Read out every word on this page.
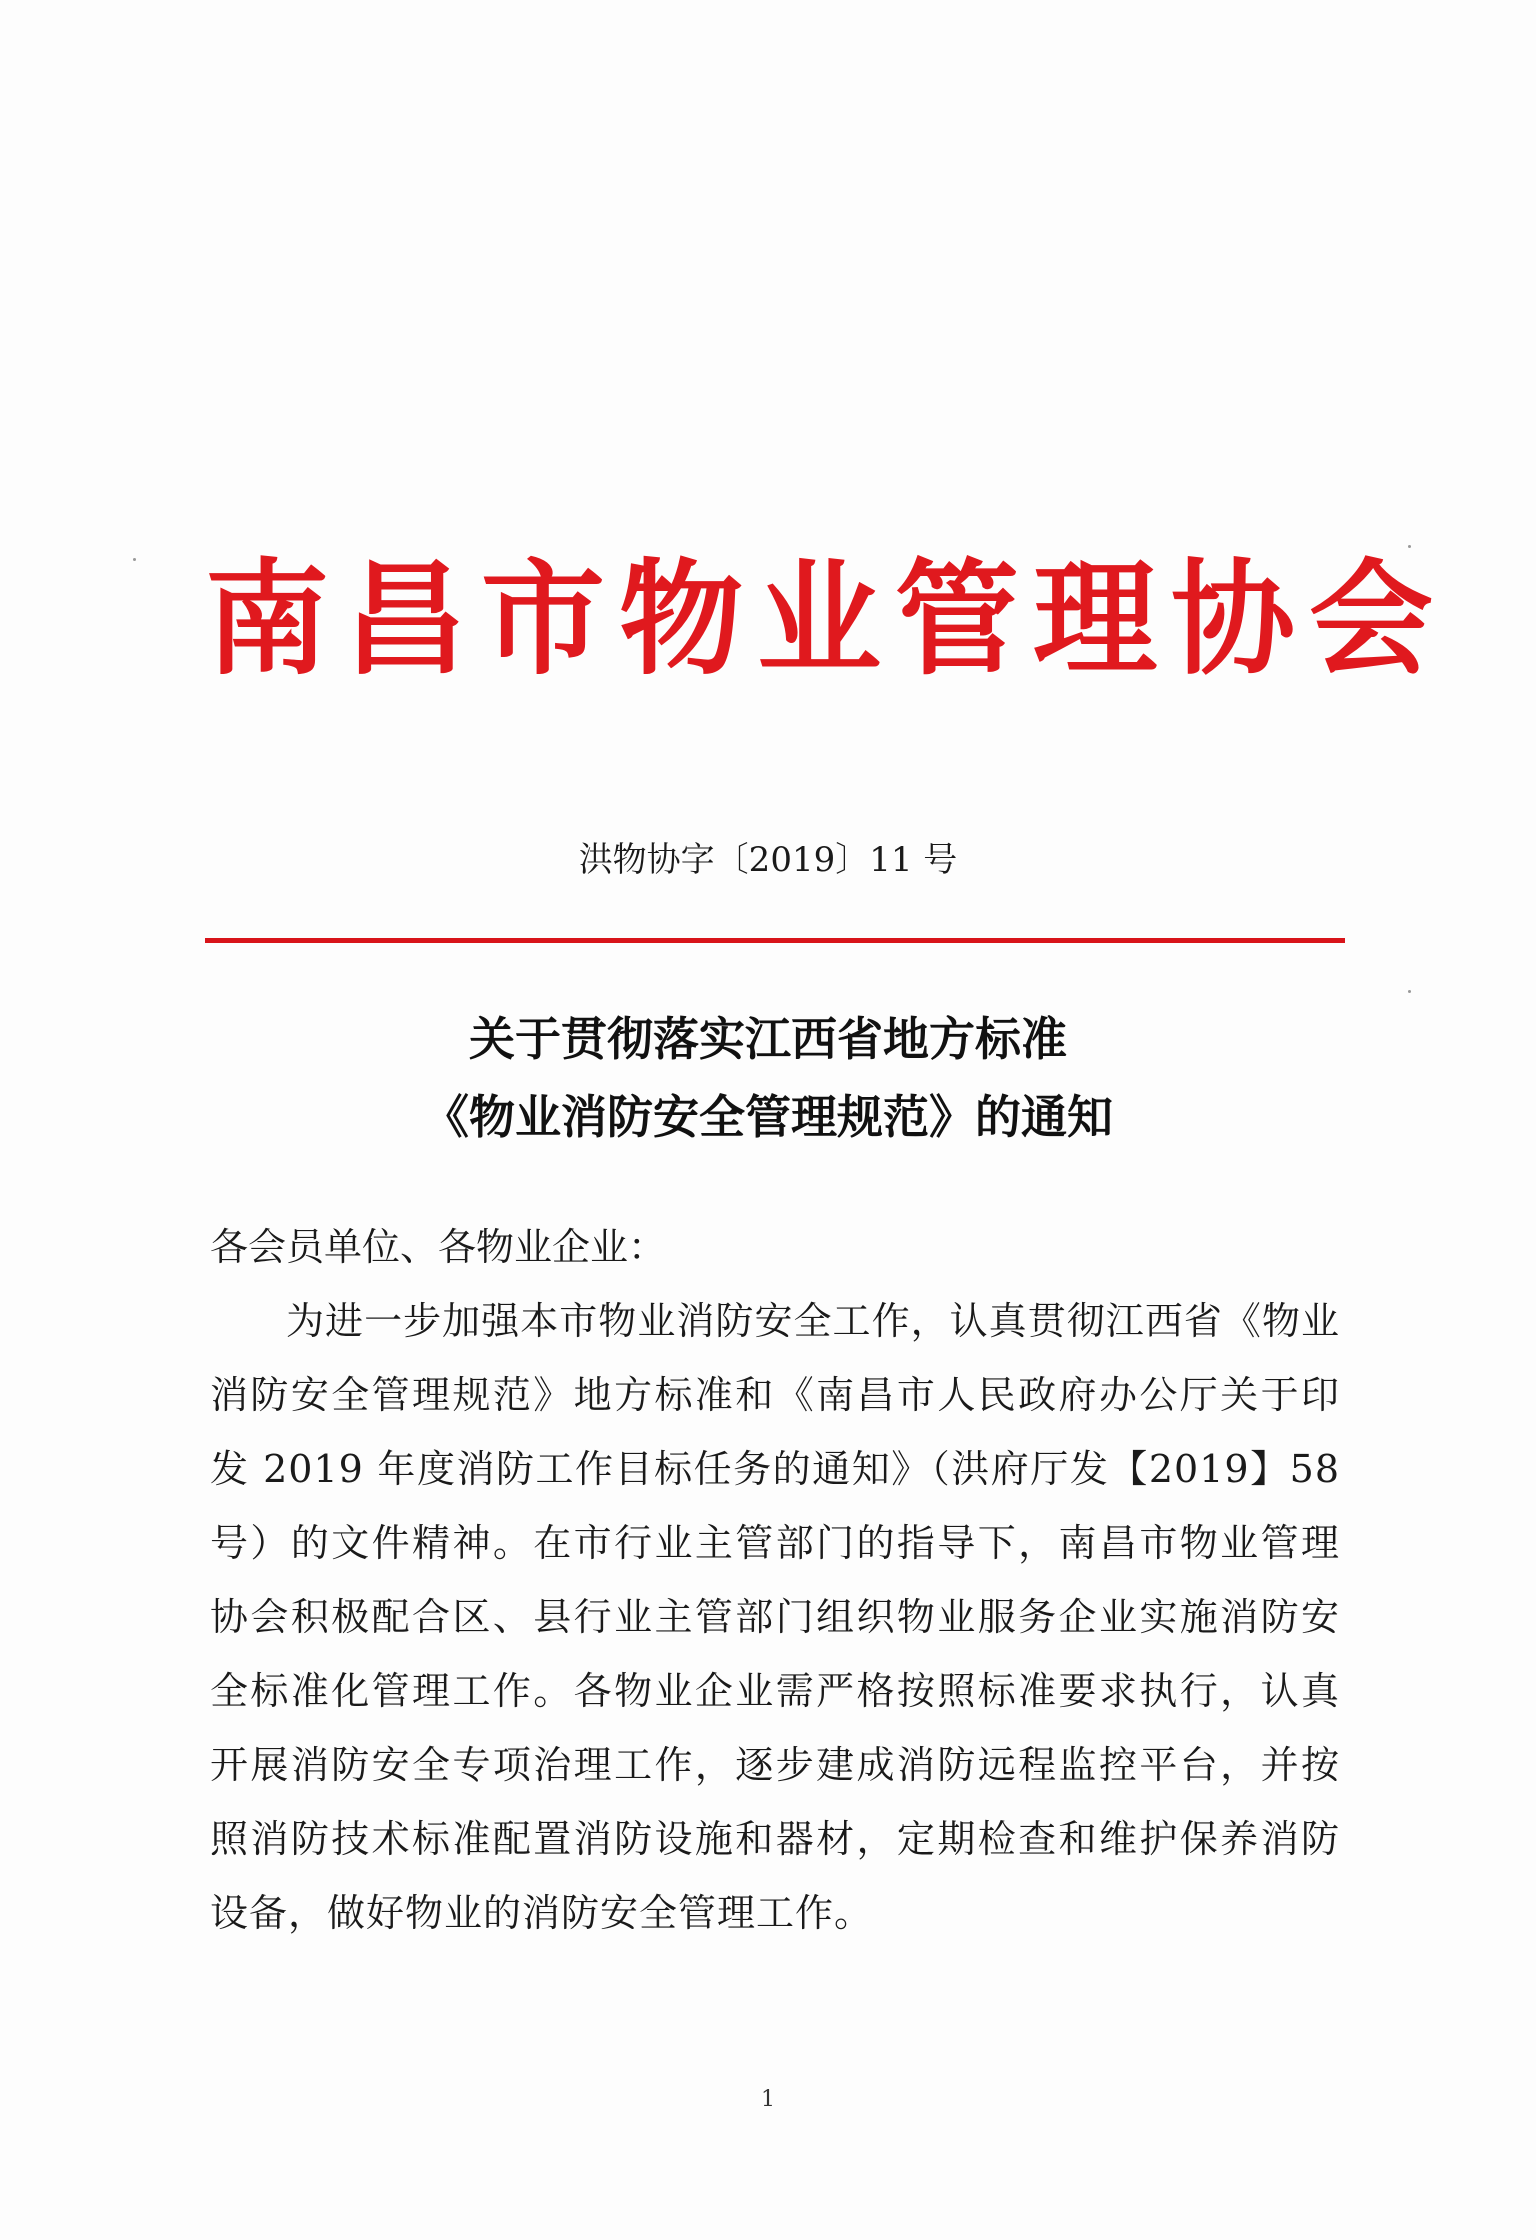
南昌市物业管理协会
洪物协字〔2019〕11 号
关于贯彻落实江西省地方标准
《物业消防安全管理规范》的通知
各会员单位、各物业企业：
为进一步加强本市物业消防安全工作，认真贯彻江西省《物业消防安全管理规范》地方标准和《南昌市人民政府办公厅关于印发 2019 年度消防工作目标任务的通知》（洪府厅发【2019】58 号）的文件精神。在市行业主管部门的指导下，南昌市物业管理协会积极配合区、县行业主管部门组织物业服务企业实施消防安全标准化管理工作。各物业企业需严格按照标准要求执行，认真开展消防安全专项治理工作，逐步建成消防远程监控平台，并按照消防技术标准配置消防设施和器材，定期检查和维护保养消防设备，做好物业的消防安全管理工作。
1
